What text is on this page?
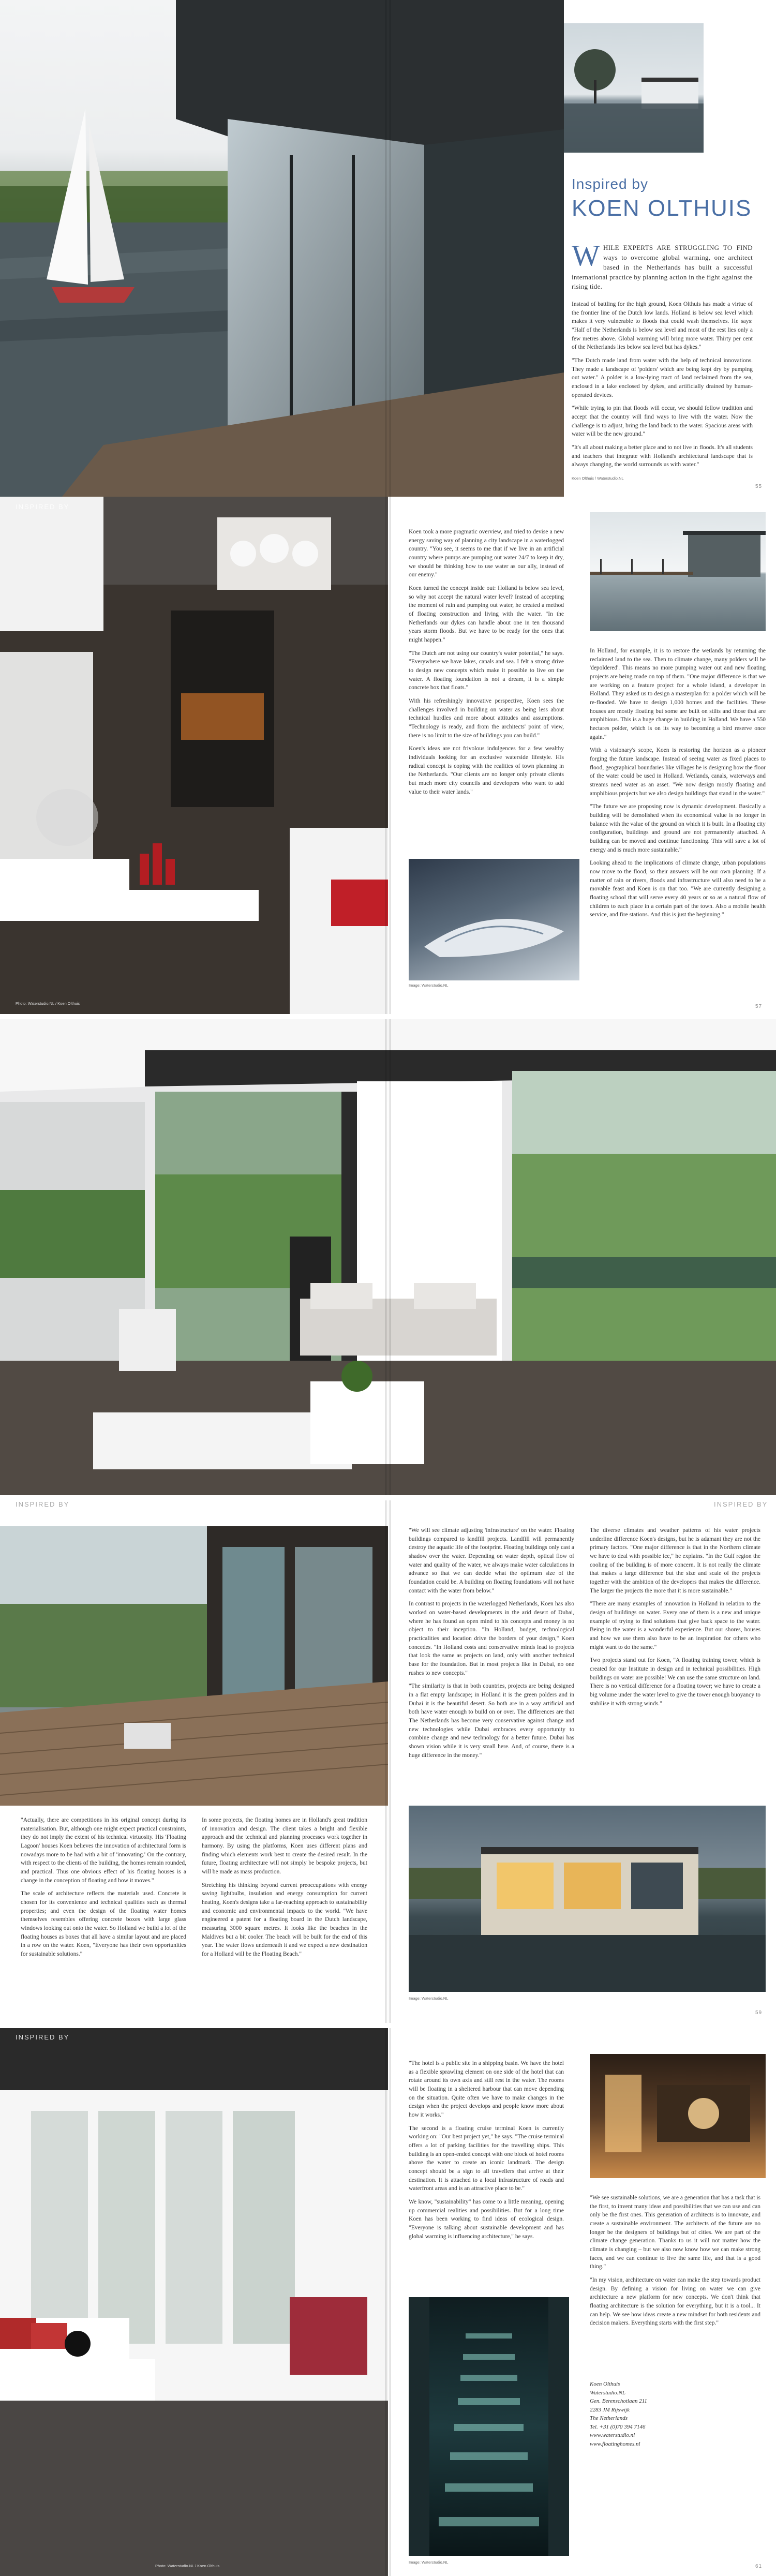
Inspired by
KOEN OLTHUIS
WHILE EXPERTS ARE STRUGGLING TO FIND ways to overcome global warming, one architect based in the Netherlands has built a successful international practice by planning action in the fight against the rising tide.

Instead of battling for the high ground, Koen Olthuis has made a virtue of the frontier line of the Dutch low lands. Holland is below sea level which makes it very vulnerable to floods that could wash themselves. He says: "Half of the Netherlands is below sea level and most of the rest lies only a few metres above. Global warming will bring more water. Thirty per cent of the Netherlands lies below sea level but has dykes."

"The Dutch made land from water with the help of technical innovations. They made a landscape of 'polders' which are being kept dry by pumping out water." A polder is a low-lying tract of land reclaimed from the sea, enclosed in a lake enclosed by dykes, and artificially drained by human-operated devices.

"While trying to pin that floods will occur, we should follow tradition and accept that the country will find ways to live with the water. Now the challenge is to adjust, bring the land back to the water. Spacious areas with water will be the new ground."

"It's all about making a better place and to not live in floods. It's all students and teachers that integrate with Holland's architectural landscape that is always changing, the world surrounds us with water."

Koen Olthuis / Waterstudio.NL
55
INSPIRED BY
Photo: Waterstudio.NL / Koen Olthuis

Koen took a more pragmatic overview, and tried to devise a new energy saving way of planning a city landscape in a waterlogged country. "You see, it seems to me that if we live in an artificial country where pumps are pumping out water 24/7 to keep it dry, we should be thinking how to use water as our ally, instead of our enemy."

Koen turned the concept inside out: Holland is below sea level, so why not accept the natural water level? Instead of accepting the moment of ruin and pumping out water, he created a method of floating construction and living with the water. "In the Netherlands our dykes can handle about one in ten thousand years storm floods. But we have to be ready for the ones that might happen."

"The Dutch are not using our country's water potential," he says. "Everywhere we have lakes, canals and sea. I felt a strong drive to design new concepts which make it possible to live on the water. A floating foundation is not a dream, it is a simple concrete box that floats."

With his refreshingly innovative perspective, Koen sees the challenges involved in building on water as being less about technical hurdles and more about attitudes and assumptions. "Technology is ready, and from the architects' point of view, there is no limit to the size of buildings you can build."

Koen's ideas are not frivolous indulgences for a few wealthy individuals looking for an exclusive waterside lifestyle. His radical concept is coping with the realities of town planning in the Netherlands. "Our clients are no longer only private clients but much more city councils and developers who want to add value to their water lands."

Image: Waterstudio.NL

In Holland, for example, it is to restore the wetlands by returning the reclaimed land to the sea. Then to climate change, many polders will be 'depoldered'. This means no more pumping water out and new floating projects are being made on top of them. "One major difference is that we are working on a feature project for a whole island, a developer in Holland. They asked us to design a masterplan for a polder which will be re-flooded. We have to design 1,000 homes and the facilities. These houses are mostly floating but some are built on stilts and those that are amphibious. This is a huge change in building in Holland. We have a 550 hectares polder, which is on its way to becoming a bird reserve once again."

With a visionary's scope, Koen is restoring the horizon as a pioneer forging the future landscape. Instead of seeing water as fixed places to flood, geographical boundaries like villages he is designing how the floor of the water could be used in Holland. Wetlands, canals, waterways and streams need water as an asset. "We now design mostly floating and amphibious projects but we also design buildings that stand in the water."

"The future we are proposing now is dynamic development. Basically a building will be demolished when its economical value is no longer in balance with the value of the ground on which it is built. In a floating city configuration, buildings and ground are not permanently attached. A building can be moved and continue functioning. This will save a lot of energy and is much more sustainable."

Looking ahead to the implications of climate change, urban populations now move to the flood, so their answers will be our own planning. If a matter of rain or rivers, floods and infrastructure will also need to be a movable feast and Koen is on that too. "We are currently designing a floating school that will serve every 40 years or so as a natural flow of children to each place in a certain part of the town. Also a mobile health service, and fire stations. And this is just the beginning."

57
INSPIRED BY	INSPIRED BY

"Actually, there are competitions in his original concept during its materialisation. But, although one might expect practical constraints, they do not imply the extent of his technical virtuosity. His 'Floating Lagoon' houses Koen believes the innovation of architectural form is nowadays more to be had with a bit of 'innovating.' On the contrary, with respect to the clients of the building, the homes remain rounded, and practical. Thus one obvious effect of his floating houses is a change in the conception of floating and how it moves."

The scale of architecture reflects the materials used. Concrete is chosen for its convenience and technical qualities such as thermal properties; and even the design of the floating water homes themselves resembles offering concrete boxes with large glass windows looking out onto the water. So Holland we build a lot of the floating houses as boxes that all have a similar layout and are placed in a row on the water. Koen, "Everyone has their own opportunities for sustainable solutions."

In some projects, the floating homes are in Holland's great tradition of innovation and design. The client takes a bright and flexible approach and the technical and planning processes work together in harmony. By using the platforms, Koen uses different plans and finding which elements work best to create the desired result. In the future, floating architecture will not simply be bespoke projects, but will be made as mass production.

Stretching his thinking beyond current preoccupations with energy saving lightbulbs, insulation and energy consumption for current heating, Koen's designs take a far-reaching approach to sustainability and economic and environmental impacts to the world. "We have engineered a patent for a floating board in the Dutch landscape, measuring 3000 square metres. It looks like the beaches in the Maldives but a bit cooler. The beach will be built for the end of this year. The water flows underneath it and we expect a new destination for a Holland will be the Floating Beach."

"We will see climate adjusting 'infrastructure' on the water. Floating buildings compared to landfill projects. Landfill will permanently destroy the aquatic life of the footprint. Floating buildings only cast a shadow over the water. Depending on water depth, optical flow of water and quality of the water, we always make water calculations in advance so that we can decide what the optimum size of the foundation could be. A building on floating foundations will not have contact with the water from below."

In contrast to projects in the waterlogged Netherlands, Koen has also worked on water-based developments in the arid desert of Dubai, where he has found an open mind to his concepts and money is no object to their inception. "In Holland, budget, technological practicalities and location drive the borders of your design," Koen concedes. "In Holland costs and conservative minds lead to projects that look the same as projects on land, only with another technical base for the foundation. But in most projects like in Dubai, no one rushes to new concepts."

"The similarity is that in both countries, projects are being designed in a flat empty landscape; in Holland it is the green polders and in Dubai it is the beautiful desert. So both are in a way artificial and both have water enough to build on or over. The differences are that The Netherlands has become very conservative against change and new technologies while Dubai embraces every opportunity to combine change and new technology for a better future. Dubai has shown vision while it is very small here. And, of course, there is a huge difference in the money."

The diverse climates and weather patterns of his water projects underline difference Koen's designs, but he is adamant they are not the primary factors. "One major difference is that in the Northern climate we have to deal with possible ice," he explains. "In the Gulf region the cooling of the building is of more concern. It is not really the climate that makes a large difference but the size and scale of the projects together with the ambition of the developers that makes the difference. The larger the projects the more that it is more sustainable."

"There are many examples of innovation in Holland in relation to the design of buildings on water. Every one of them is a new and unique example of trying to find solutions that give back space to the water. Being in the water is a wonderful experience. But our shores, houses and how we use them also have to be an inspiration for others who might want to do the same."

Two projects stand out for Koen, "A floating training tower, which is created for our Institute in design and in technical possibilities. High buildings on water are possible! We can use the same structure on land. There is no vertical difference for a floating tower; we have to create a big volume under the water level to give the tower enough buoyancy to stabilise it with strong winds."

Image: Waterstudio.NL
59
INSPIRED BY
Photo: Waterstudio.NL / Koen Olthuis

"The hotel is a public site in a shipping basin. We have the hotel as a flexible sprawling element on one side of the hotel that can rotate around its own axis and still rest in the water. The rooms will be floating in a sheltered harbour that can move depending on the situation. Quite often we have to make changes in the design when the project develops and people know more about how it works."

The second is a floating cruise terminal Koen is currently working on: "Our best project yet," he says. "The cruise terminal offers a lot of parking facilities for the travelling ships. This building is an open-ended concept with one block of hotel rooms above the water to create an iconic landmark. The design concept should be a sign to all travellers that arrive at their destination. It is attached to a local infrastructure of roads and waterfront areas and is an attractive place to be."

We know, "sustainability" has come to a little meaning, opening up commercial realities and possibilities. But for a long time Koen has been working to find ideas of ecological design. "Everyone is talking about sustainable development and has global warming is influencing architecture," he says.

Image: Waterstudio.NL

"We see sustainable solutions, we are a generation that has a task that is the first, to invent many ideas and possibilities that we can use and can only be the first ones. This generation of architects is to innovate, and create a sustainable environment. The architects of the future are no longer be the designers of buildings but of cities. We are part of the climate change generation. Thanks to us it will not matter how the climate is changing – but we also now know how we can make strong faces, and we can continue to live the same life, and that is a good thing."

"In my vision, architecture on water can make the step towards product design. By defining a vision for living on water we can give architecture a new platform for new concepts. We don't think that floating architecture is the solution for everything, but it is a tool... It can help. We see how ideas create a new mindset for both residents and decision makers. Everything starts with the first step."

Koen Olthuis
Waterstudio.NL
Gen. Berenschotlaan 211
2283 JM Rijswijk
The Netherlands
Tel. +31 (0)70 394 7146
www.waterstudio.nl
www.floatinghomes.nl
61
